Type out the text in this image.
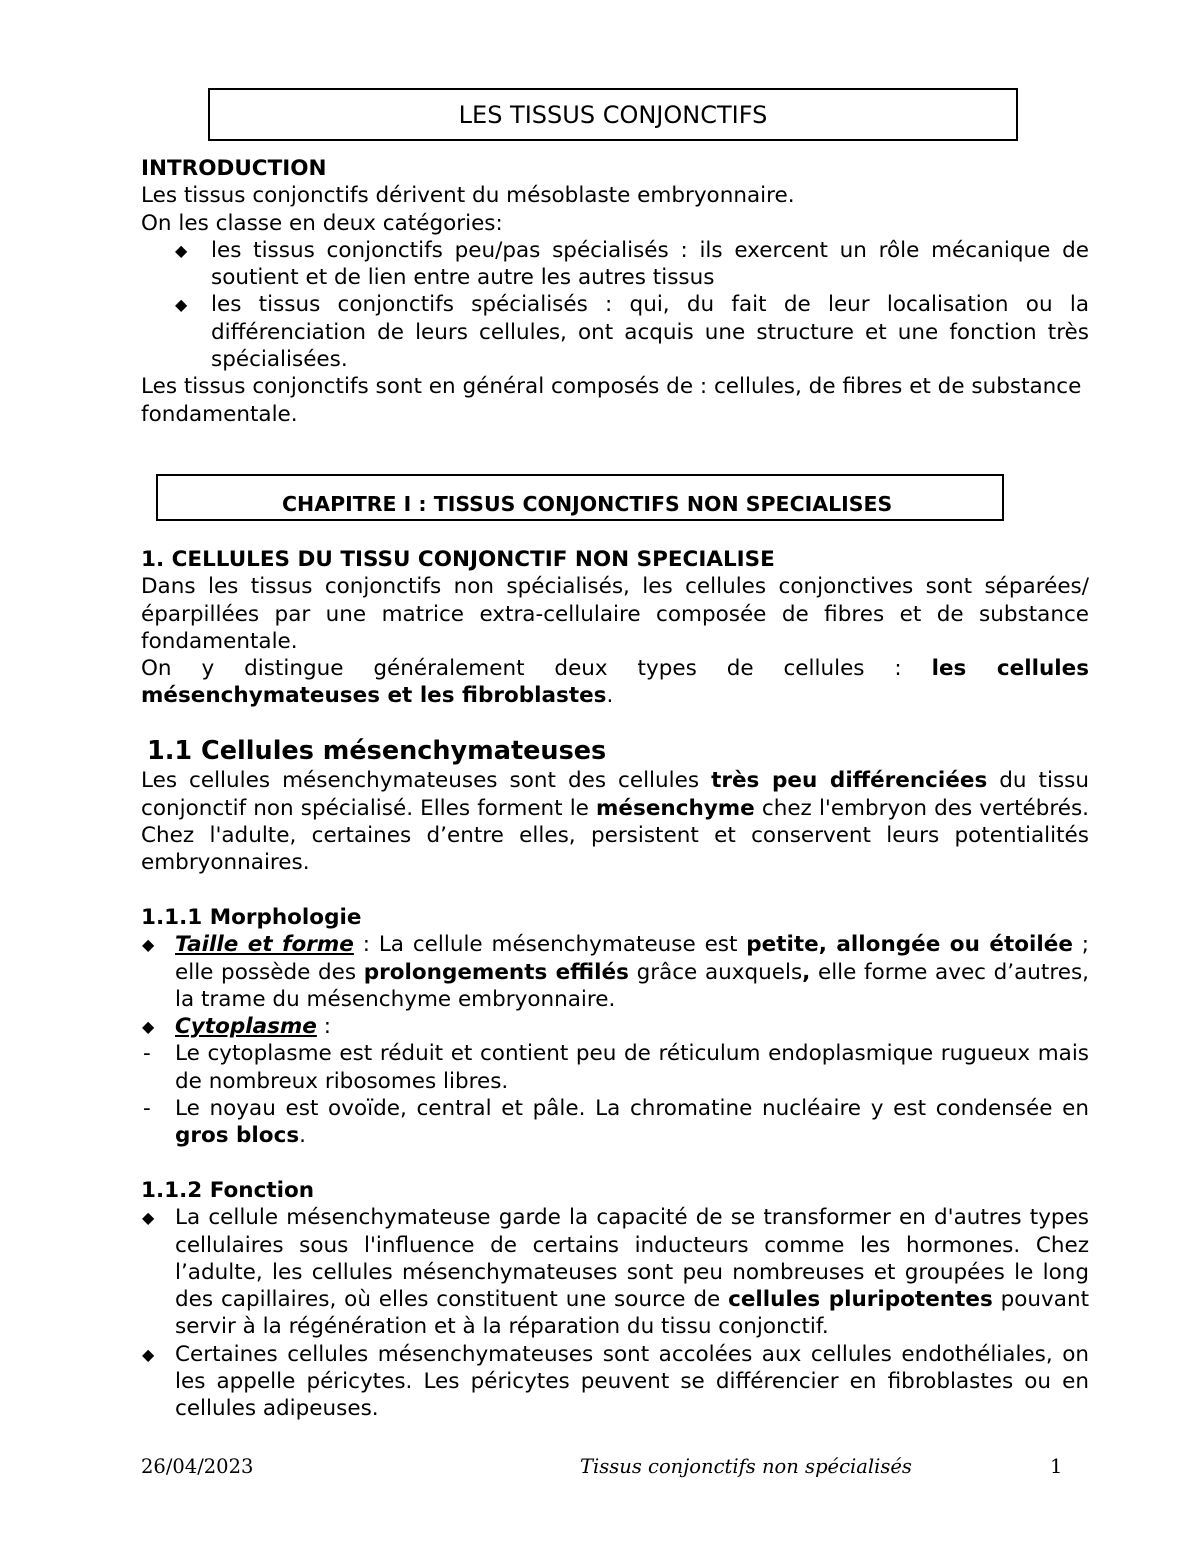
LES TISSUS CONJONCTIFS

INTRODUCTION

Les tissus conjonctifs dérivent du mésoblaste embryonnaire.

On les classe en deux catégories:

◆ les tissus conjonctifs peu/pas spécialisés : ils exercent un rôle mécanique de soutient et de lien entre autre les autres tissus
◆ les tissus conjonctifs spécialisés : qui, du fait de leur localisation ou la différenciation de leurs cellules, ont acquis une structure et une fonction très spécialisées.

Les tissus conjonctifs sont en général composés de : cellules, de fibres et de substance fondamentale.

CHAPITRE I : TISSUS CONJONCTIFS NON SPECIALISES

1. CELLULES DU TISSU CONJONCTIF NON SPECIALISE

Dans les tissus conjonctifs non spécialisés, les cellules conjonctives sont séparées/ éparpillées par une matrice extra-cellulaire composée de fibres et de substance fondamentale.

On y distingue généralement deux types de cellules : les cellules mésenchymateuses et les fibroblastes.

1.1 Cellules mésenchymateuses

Les cellules mésenchymateuses sont des cellules très peu différenciées du tissu conjonctif non spécialisé. Elles forment le mésenchyme chez l'embryon des vertébrés. Chez l'adulte, certaines d’entre elles, persistent et conservent leurs potentialités embryonnaires.

1.1.1 Morphologie

◆ Taille et forme : La cellule mésenchymateuse est petite, allongée ou étoilée ; elle possède des prolongements effilés grâce auxquels, elle forme avec d’autres, la trame du mésenchyme embryonnaire.
◆ Cytoplasme :
- Le cytoplasme est réduit et contient peu de réticulum endoplasmique rugueux mais de nombreux ribosomes libres.
- Le noyau est ovoïde, central et pâle. La chromatine nucléaire y est condensée en gros blocs.

1.1.2 Fonction

◆ La cellule mésenchymateuse garde la capacité de se transformer en d'autres types cellulaires sous l'influence de certains inducteurs comme les hormones. Chez l’adulte, les cellules mésenchymateuses sont peu nombreuses et groupées le long des capillaires, où elles constituent une source de cellules pluripotentes pouvant servir à la régénération et à la réparation du tissu conjonctif.
◆ Certaines cellules mésenchymateuses sont accolées aux cellules endothéliales, on les appelle péricytes. Les péricytes peuvent se différencier en fibroblastes ou en cellules adipeuses.
26/04/2023	Tissus conjonctifs non spécialisés	1
